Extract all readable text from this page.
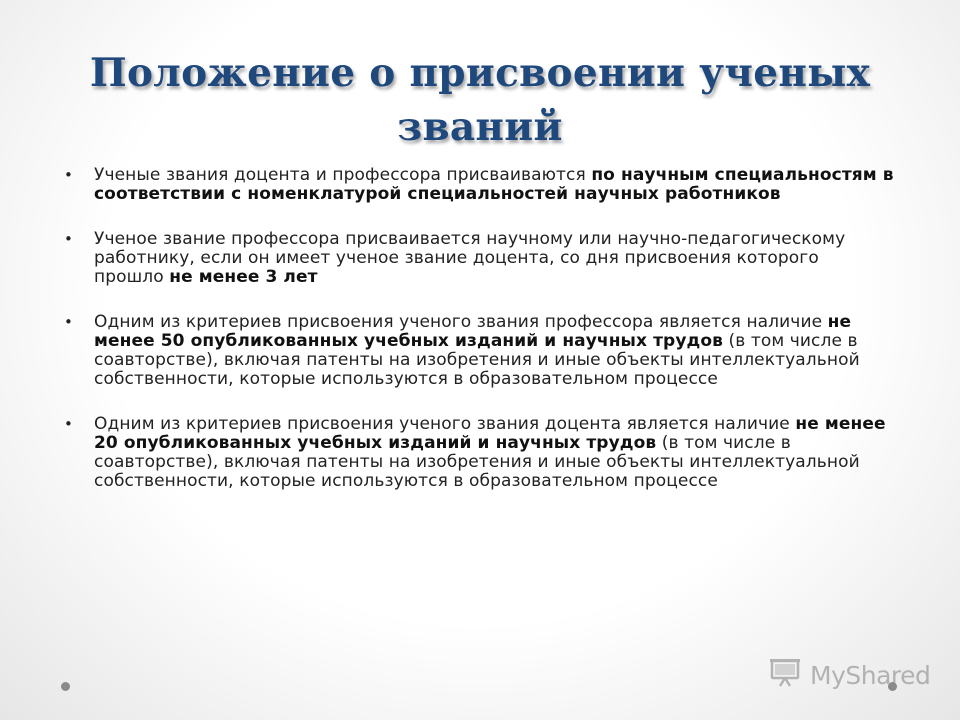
Положение о присвоении ученых званий
• Ученые звания доцента и профессора присваиваются по научным специальностям в соответствии с номенклатурой специальностей научных работников
• Ученое звание профессора присваивается научному или научно-педагогическому работнику, если он имеет ученое звание доцента, со дня присвоения которого прошло не менее 3 лет
• Одним из критериев присвоения ученого звания профессора является наличие не менее 50 опубликованных учебных изданий и научных трудов (в том числе в соавторстве), включая патенты на изобретения и иные объекты интеллектуальной собственности, которые используются в образовательном процессе
• Одним из критериев присвоения ученого звания доцента является наличие не менее 20 опубликованных учебных изданий и научных трудов (в том числе в соавторстве), включая патенты на изобретения и иные объекты интеллектуальной собственности, которые используются в образовательном процессе
MyShared
